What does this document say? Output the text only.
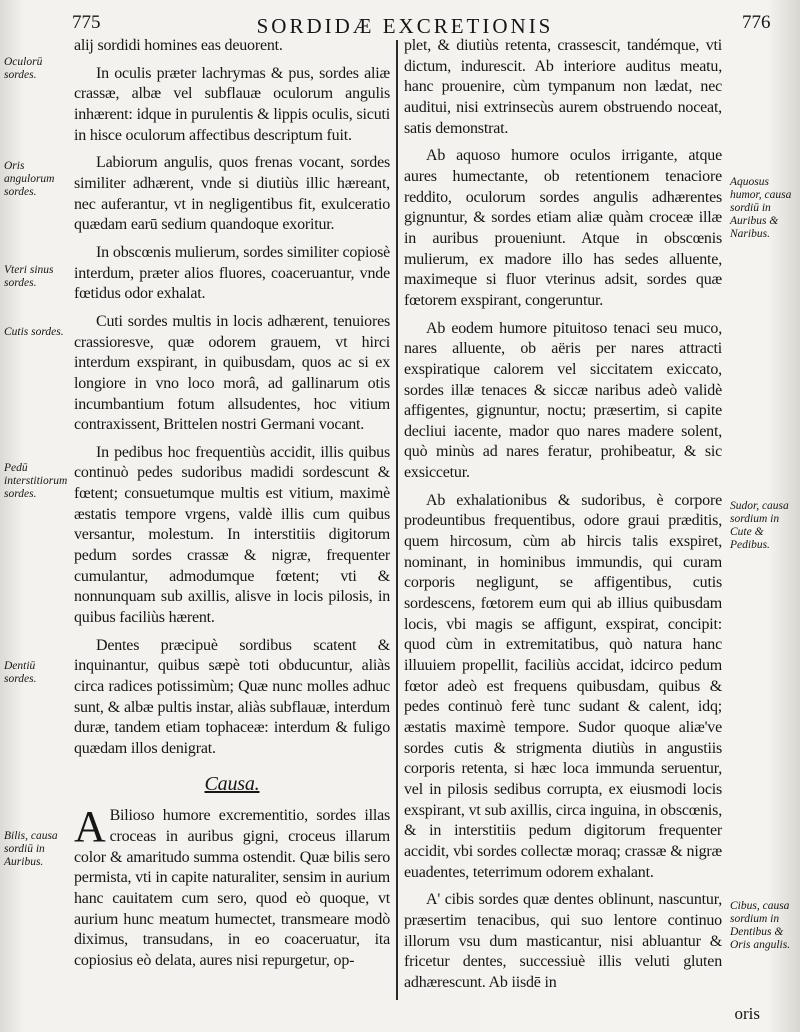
775	SORDIDÆ EXCRETIONIS	776
Oculorū sordes.
Oris angulorum sordes.
Vteri sinus sordes.
Cutis sordes.
Pedū interstitiorum sordes.
Dentiū sordes.
Bilis, causa sordiū in Auribus.
Aquosus humor, causa sordiū in Auribus & Naribus.
Sudor, causa sordium in Cute & Pedibus.
Cibus, causa sordium in Dentibus & Oris angulis.

alij sordidi homines eas deuorent.

In oculis præter lachrymas & pus, sordes aliæ crassæ, albæ vel subflauæ oculorum angulis inhærent: idque in purulentis & lippis oculis, sicuti in hisce oculorum affectibus descriptum fuit.

Labiorum angulis, quos frenas vocant, sordes similiter adhærent, vnde si diutiùs illic hæreant, nec auferantur, vt in negligentibus fit, exulceratio quædam earū sedium quandoque exoritur.

In obscœnis mulierum, sordes similiter copiosè interdum, præter alios fluores, coaceruantur, vnde fœtidus odor exhalat.

Cuti sordes multis in locis adhærent, tenuiores crassioresve, quæ odorem grauem, vt hirci interdum exspirant, in quibusdam, quos ac si ex longiore in vno loco morâ, ad gallinarum otis incumbantium fotum allsudentes, hoc vitium contraxissent, Brittelen nostri Germani vocant.

In pedibus hoc frequentiùs accidit, illis quibus continuò pedes sudoribus madidi sordescunt & fœtent; consuetumque multis est vitium, maximè æstatis tempore vrgens, valdè illis cum quibus versantur, molestum. In interstitiis digitorum pedum sordes crassæ & nigræ, frequenter cumulantur, admodumque fœtent; vti & nonnunquam sub axillis, alisve in locis pilosis, in quibus faciliùs hærent.

Dentes præcipuè sordibus scatent & inquinantur, quibus sæpè toti obducuntur, aliàs circa radices potissimùm; Quæ nunc molles adhuc sunt, & albæ pultis instar, aliàs subflauæ, interdum duræ, tandem etiam tophaceæ: interdum & fuligo quædam illos denigrat.

Causa.

A Bilioso humore excrementitio, sordes illas croceas in auribus gigni, croceus illarum color & amaritudo summa ostendit. Quæ bilis sero permista, vti in capite naturaliter, sensim in aurium hanc cauitatem cum sero, quod eò quoque, vt aurium hunc meatum humectet, transmeare modò diximus, transudans, in eo coaceruatur, ita copiosius eò delata, aures nisi repurgetur, op-

plet, & diutiùs retenta, crassescit, tandémque, vti dictum, indurescit. Ab interiore auditus meatu, hanc prouenire, cùm tympanum non lædat, nec auditui, nisi extrinsecùs aurem obstruendo noceat, satis demonstrat.

Ab aquoso humore oculos irrigante, atque aures humectante, ob retentionem tenaciore reddito, oculorum sordes angulis adhærentes gignuntur, & sordes etiam aliæ quàm croceæ illæ in auribus proueniunt. Atque in obscœnis mulierum, ex madore illo has sedes alluente, maximeque si fluor vterinus adsit, sordes quæ fœtorem exspirant, congeruntur.

Ab eodem humore pituitoso tenaci seu muco, nares alluente, ob aëris per nares attracti exspiratique calorem vel siccitatem exiccato, sordes illæ tenaces & siccæ naribus adeò validè affigentes, gignuntur, noctu; præsertim, si capite decliui iacente, mador quo nares madere solent, quò minùs ad nares feratur, prohibeatur, & sic exsiccetur.

Ab exhalationibus & sudoribus, è corpore prodeuntibus frequentibus, odore graui præditis, quem hircosum, cùm ab hircis talis exspiret, nominant, in hominibus immundis, qui curam corporis negligunt, se affigentibus, cutis sordescens, fœtorem eum qui ab illius quibusdam locis, vbi magis se affigunt, exspirat, concipit: quod cùm in extremitatibus, quò natura hanc illuuiem propellit, faciliùs accidat, idcirco pedum fœtor adeò est frequens quibusdam, quibus & pedes continuò ferè tunc sudant & calent, idq; æstatis maximè tempore. Sudor quoque aliæ've sordes cutis & strigmenta diutiùs in angustiis corporis retenta, si hæc loca immunda seruentur, vel in pilosis sedibus corrupta, ex eiusmodi locis exspirant, vt sub axillis, circa inguina, in obscœnis, & in interstitiis pedum digitorum frequenter accidit, vbi sordes collectæ moraq; crassæ & nigræ euadentes, teterrimum odorem exhalant.

A' cibis sordes quæ dentes oblinunt, nascuntur, præsertim tenacibus, qui suo lentore continuo illorum vsu dum masticantur, nisi abluantur & fricetur dentes, successiuè illis veluti gluten adhærescunt. Ab iisdē in

oris
